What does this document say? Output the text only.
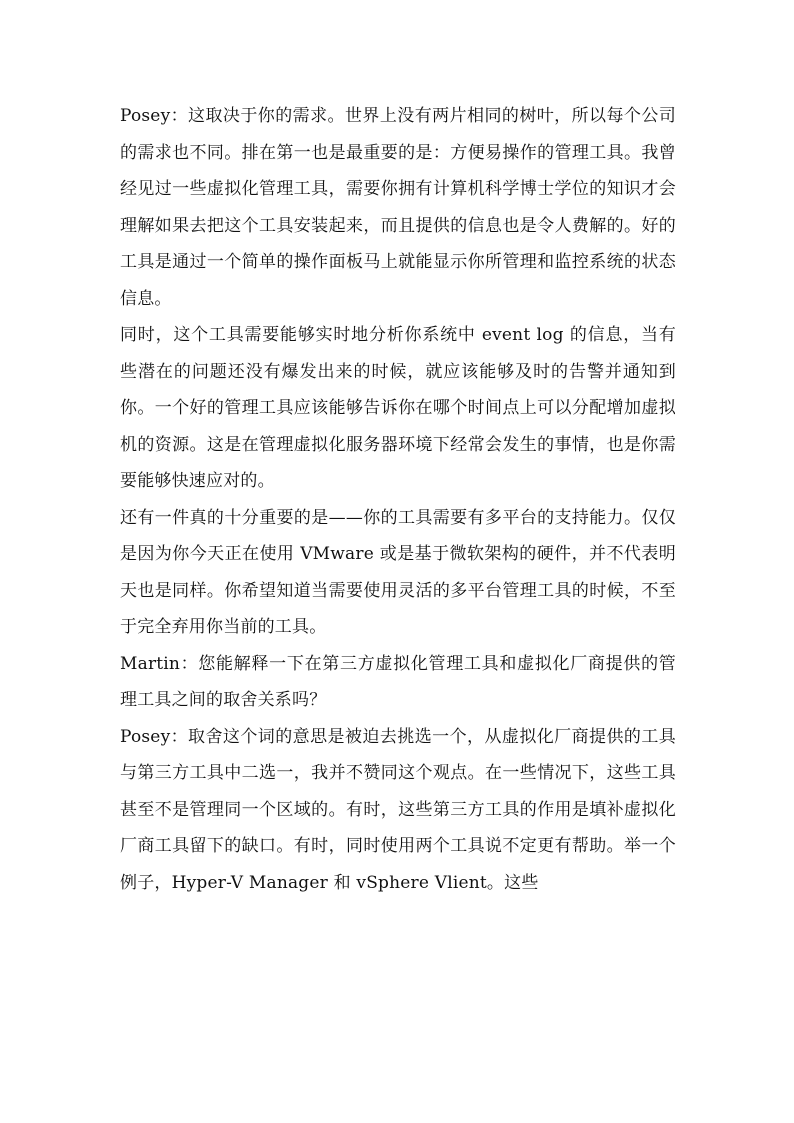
Posey：这取决于你的需求。世界上没有两片相同的树叶，所以每个公司的需求也不同。排在第一也是最重要的是：方便易操作的管理工具。我曾经见过一些虚拟化管理工具，需要你拥有计算机科学博士学位的知识才会理解如果去把这个工具安装起来，而且提供的信息也是令人费解的。好的工具是通过一个简单的操作面板马上就能显示你所管理和监控系统的状态信息。

同时，这个工具需要能够实时地分析你系统中 event log 的信息，当有些潜在的问题还没有爆发出来的时候，就应该能够及时的告警并通知到你。一个好的管理工具应该能够告诉你在哪个时间点上可以分配增加虚拟机的资源。这是在管理虚拟化服务器环境下经常会发生的事情，也是你需要能够快速应对的。

还有一件真的十分重要的是——你的工具需要有多平台的支持能力。仅仅是因为你今天正在使用 VMware 或是基于微软架构的硬件，并不代表明天也是同样。你希望知道当需要使用灵活的多平台管理工具的时候，不至于完全弃用你当前的工具。

Martin：您能解释一下在第三方虚拟化管理工具和虚拟化厂商提供的管理工具之间的取舍关系吗？

Posey：取舍这个词的意思是被迫去挑选一个，从虚拟化厂商提供的工具与第三方工具中二选一，我并不赞同这个观点。在一些情况下，这些工具甚至不是管理同一个区域的。有时，这些第三方工具的作用是填补虚拟化厂商工具留下的缺口。有时，同时使用两个工具说不定更有帮助。举一个例子，Hyper-V Manager 和 vSphere Vlient。这些
